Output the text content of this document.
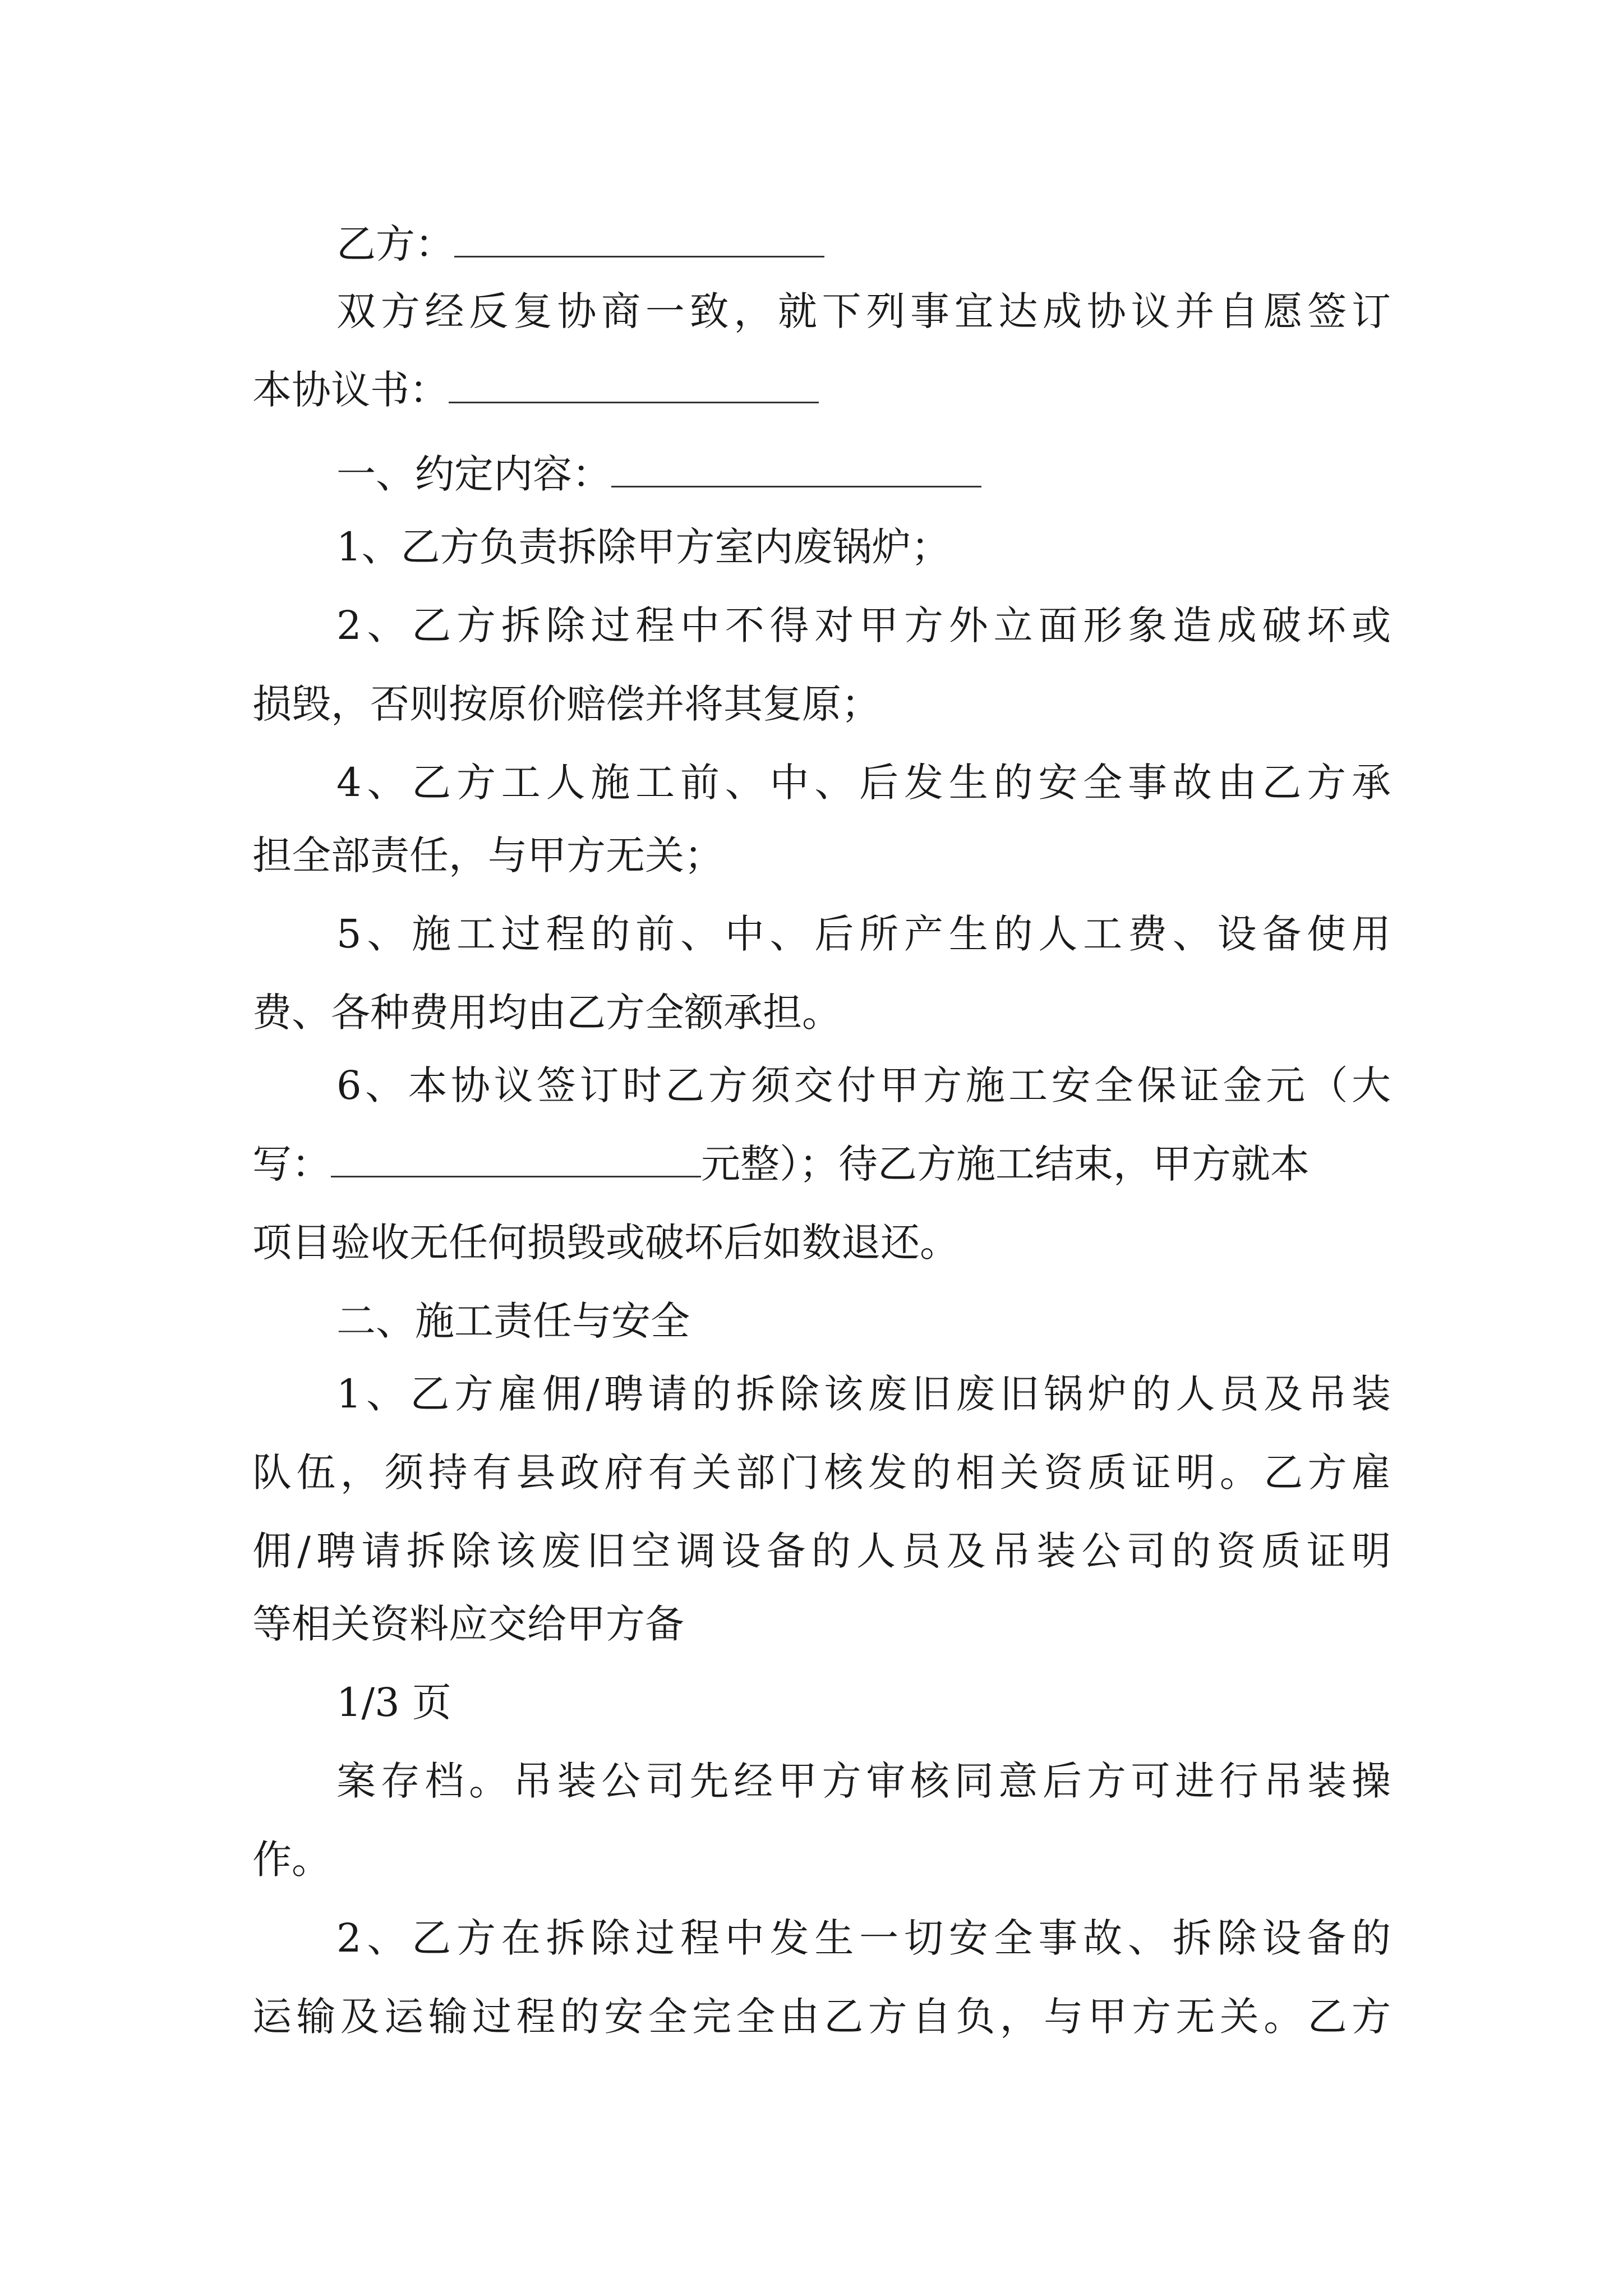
乙方：
双方经反复协商一致，就下列事宜达成协议并自愿签订
本协议书：
一、约定内容：
1、乙方负责拆除甲方室内废锅炉；
2、乙方拆除过程中不得对甲方外立面形象造成破坏或
损毁，否则按原价赔偿并将其复原；
4、乙方工人施工前、中、后发生的安全事故由乙方承
担全部责任，与甲方无关；
5、施工过程的前、中、后所产生的人工费、设备使用
费、各种费用均由乙方全额承担。
6、本协议签订时乙方须交付甲方施工安全保证金元（大
写：	元整）；待乙方施工结束，甲方就本
项目验收无任何损毁或破坏后如数退还。
二、施工责任与安全
1、乙方雇佣/聘请的拆除该废旧废旧锅炉的人员及吊装
队伍，须持有县政府有关部门核发的相关资质证明。乙方雇
佣/聘请拆除该废旧空调设备的人员及吊装公司的资质证明
等相关资料应交给甲方备
1/3 页
案存档。吊装公司先经甲方审核同意后方可进行吊装操
作。
2、乙方在拆除过程中发生一切安全事故、拆除设备的
运输及运输过程的安全完全由乙方自负，与甲方无关。乙方
